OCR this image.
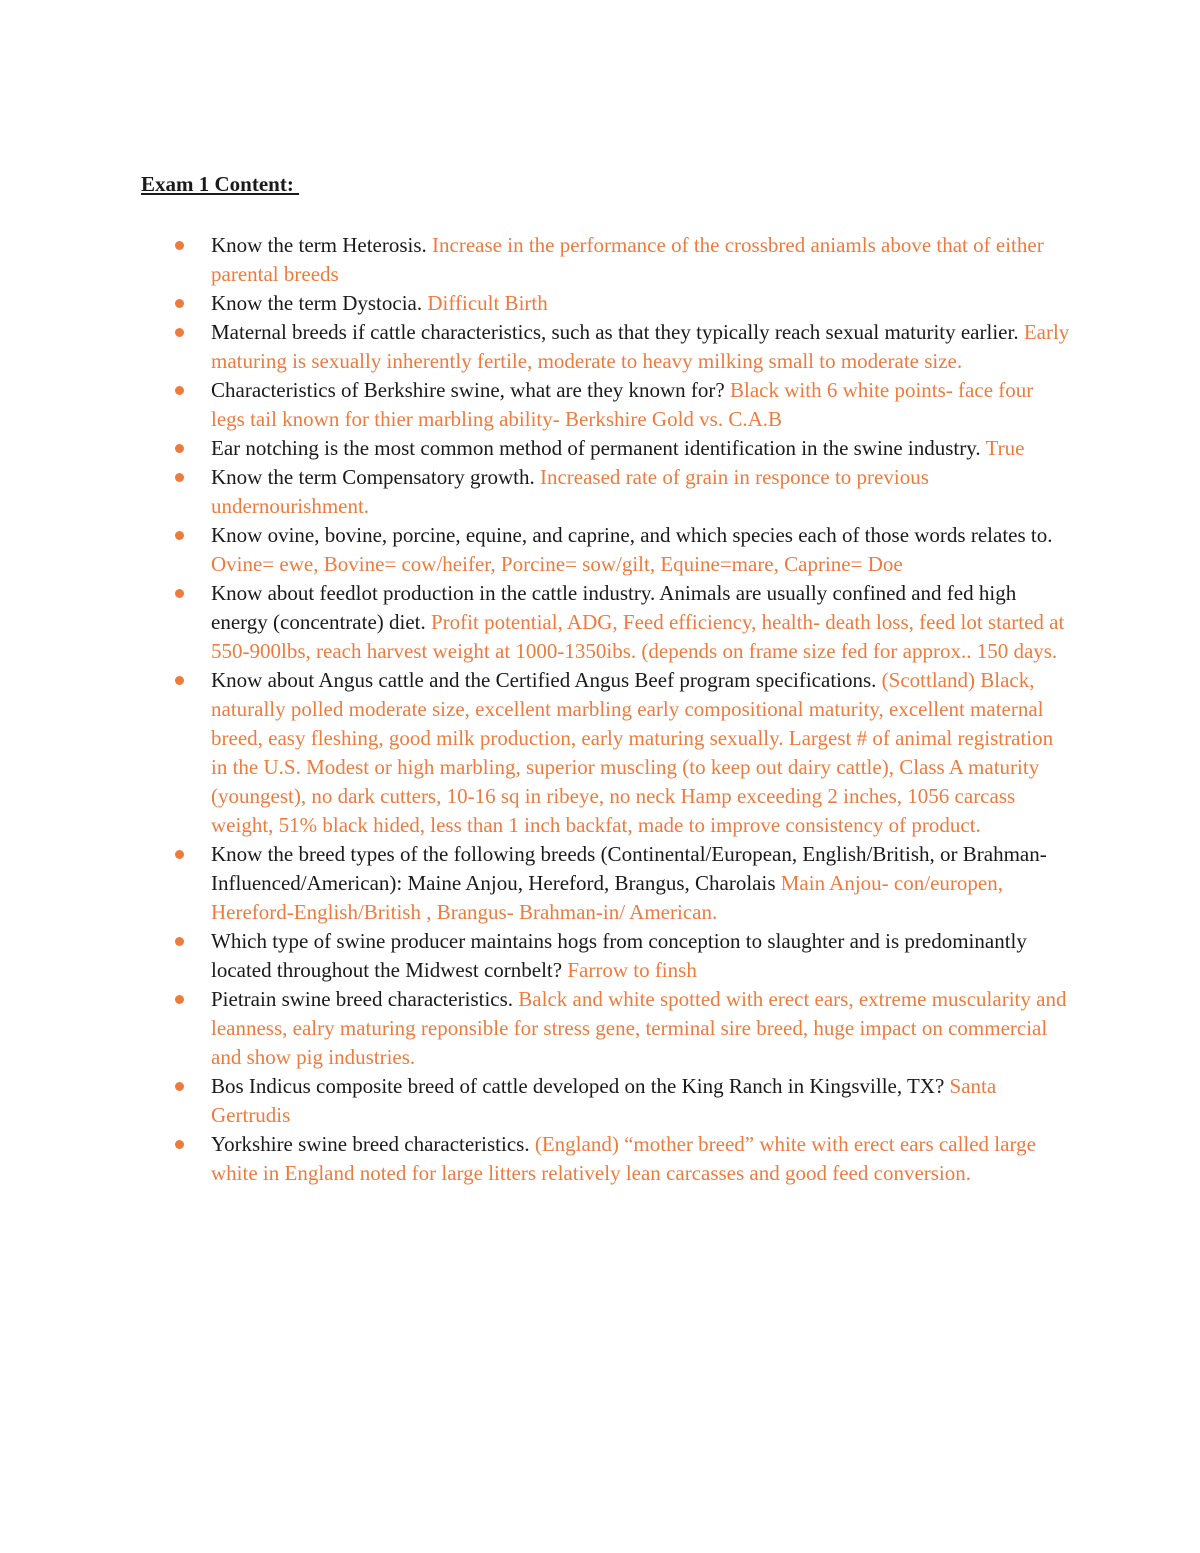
Exam 1 Content:
Know the term Heterosis. Increase in the performance of the crossbred aniamls above that of either parental breeds
Know the term Dystocia. Difficult Birth
Maternal breeds if cattle characteristics, such as that they typically reach sexual maturity earlier. Early maturing is sexually inherently fertile, moderate to heavy milking small to moderate size.
Characteristics of Berkshire swine, what are they known for? Black with 6 white points- face four legs tail known for thier marbling ability- Berkshire Gold vs. C.A.B
Ear notching is the most common method of permanent identification in the swine industry. True
Know the term Compensatory growth. Increased rate of grain in responce to previous undernourishment.
Know ovine, bovine, porcine, equine, and caprine, and which species each of those words relates to. Ovine= ewe, Bovine= cow/heifer, Porcine= sow/gilt, Equine=mare, Caprine= Doe
Know about feedlot production in the cattle industry. Animals are usually confined and fed high energy (concentrate) diet. Profit potential, ADG, Feed efficiency, health- death loss, feed lot started at 550-900lbs, reach harvest weight at 1000-1350ibs. (depends on frame size fed for approx.. 150 days.
Know about Angus cattle and the Certified Angus Beef program specifications. (Scottland) Black, naturally polled moderate size, excellent marbling early compositional maturity, excellent maternal breed, easy fleshing, good milk production, early maturing sexually. Largest # of animal registration in the U.S. Modest or high marbling, superior muscling (to keep out dairy cattle), Class A maturity (youngest), no dark cutters, 10-16 sq in ribeye, no neck Hamp exceeding 2 inches, 1056 carcass weight, 51% black hided, less than 1 inch backfat, made to improve consistency of product.
Know the breed types of the following breeds (Continental/European, English/British, or Brahman-Influenced/American): Maine Anjou, Hereford, Brangus, Charolais Main Anjou- con/europen, Hereford-English/British , Brangus- Brahman-in/ American.
Which type of swine producer maintains hogs from conception to slaughter and is predominantly located throughout the Midwest cornbelt? Farrow to finsh
Pietrain swine breed characteristics. Balck and white spotted with erect ears, extreme muscularity and leanness, ealry maturing reponsible for stress gene, terminal sire breed, huge impact on commercial and show pig industries.
Bos Indicus composite breed of cattle developed on the King Ranch in Kingsville, TX? Santa Gertrudis
Yorkshire swine breed characteristics. (England) “mother breed” white with erect ears called large white in England noted for large litters relatively lean carcasses and good feed conversion.
